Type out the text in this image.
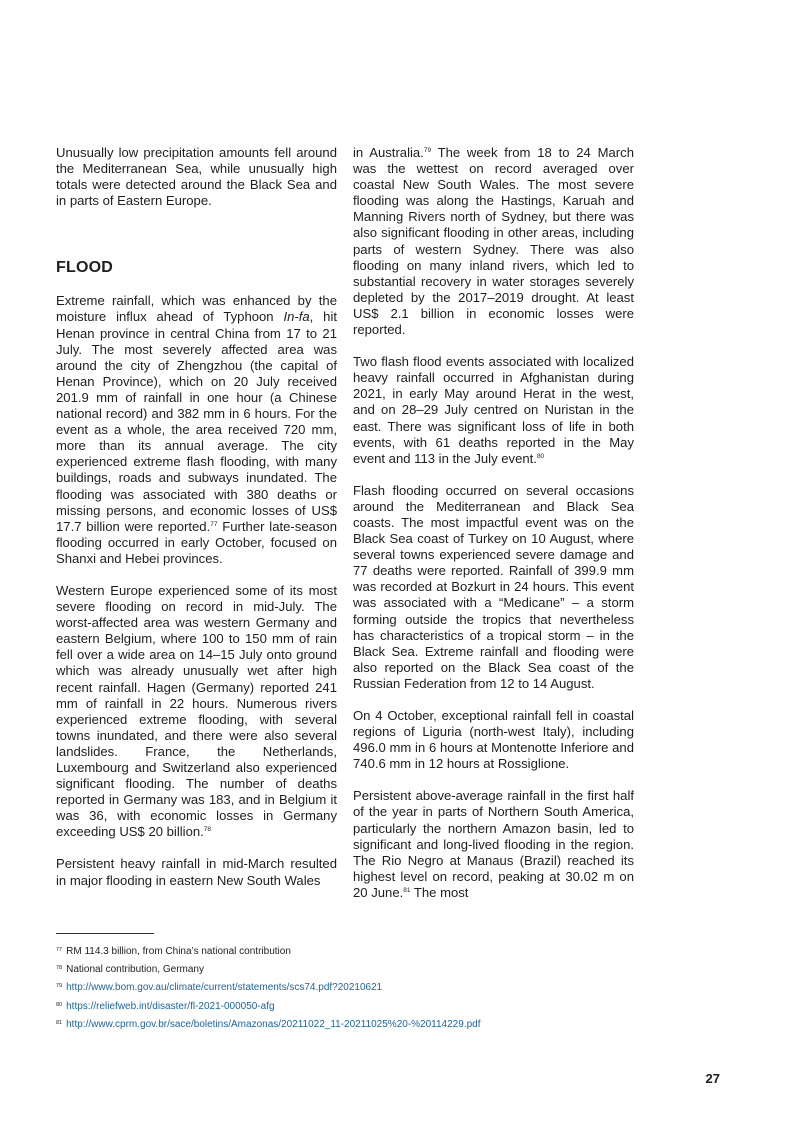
Unusually low precipitation amounts fell around the Mediterranean Sea, while unusually high totals were detected around the Black Sea and in parts of Eastern Europe.

FLOOD

Extreme rainfall, which was enhanced by the moisture influx ahead of Typhoon In-fa, hit Henan province in central China from 17 to 21 July. The most severely affected area was around the city of Zhengzhou (the capital of Henan Province), which on 20 July received 201.9 mm of rainfall in one hour (a Chinese national record) and 382 mm in 6 hours. For the event as a whole, the area received 720 mm, more than its annual average. The city experienced extreme flash flooding, with many buildings, roads and subways inundated. The flooding was associated with 380 deaths or missing persons, and economic losses of US$ 17.7 billion were reported.$^{77}$ Further late-season flooding occurred in early October, focused on Shanxi and Hebei provinces.

Western Europe experienced some of its most severe flooding on record in mid-July. The worst-affected area was western Germany and eastern Belgium, where 100 to 150 mm of rain fell over a wide area on 14–15 July onto ground which was already unusually wet after high recent rainfall. Hagen (Germany) reported 241 mm of rainfall in 22 hours. Numerous rivers experienced extreme flooding, with several towns inundated, and there were also several landslides. France, the Netherlands, Luxembourg and Switzerland also experienced significant flooding. The number of deaths reported in Germany was 183, and in Belgium it was 36, with economic losses in Germany exceeding US$ 20 billion.$^{78}$

Persistent heavy rainfall in mid-March resulted in major flooding in eastern New South Wales

in Australia.$^{79}$ The week from 18 to 24 March was the wettest on record averaged over coastal New South Wales. The most severe flooding was along the Hastings, Karuah and Manning Rivers north of Sydney, but there was also significant flooding in other areas, including parts of western Sydney. There was also flooding on many inland rivers, which led to substantial recovery in water storages severely depleted by the 2017–2019 drought. At least US$ 2.1 billion in economic losses were reported.

Two flash flood events associated with localized heavy rainfall occurred in Afghanistan during 2021, in early May around Herat in the west, and on 28–29 July centred on Nuristan in the east. There was significant loss of life in both events, with 61 deaths reported in the May event and 113 in the July event.$^{80}$

Flash flooding occurred on several occasions around the Mediterranean and Black Sea coasts. The most impactful event was on the Black Sea coast of Turkey on 10 August, where several towns experienced severe damage and 77 deaths were reported. Rainfall of 399.9 mm was recorded at Bozkurt in 24 hours. This event was associated with a “Medicane” – a storm forming outside the tropics that nevertheless has characteristics of a tropical storm – in the Black Sea. Extreme rainfall and flooding were also reported on the Black Sea coast of the Russian Federation from 12 to 14 August.

On 4 October, exceptional rainfall fell in coastal regions of Liguria (north-west Italy), including 496.0 mm in 6 hours at Montenotte Inferiore and 740.6 mm in 12 hours at Rossiglione.

Persistent above-average rainfall in the first half of the year in parts of Northern South America, particularly the northern Amazon basin, led to significant and long-lived flooding in the region. The Rio Negro at Manaus (Brazil) reached its highest level on record, peaking at 30.02 m on 20 June.$^{81}$ The most

$^{77}$ RM 114.3 billion, from China’s national contribution
$^{78}$ National contribution, Germany
$^{79}$ http://www.bom.gov.au/climate/current/statements/scs74.pdf?20210621
$^{80}$ https://reliefweb.int/disaster/fl-2021-000050-afg
$^{81}$ http://www.cprm.gov.br/sace/boletins/Amazonas/20211022_11-20211025%20-%20114229.pdf
27
